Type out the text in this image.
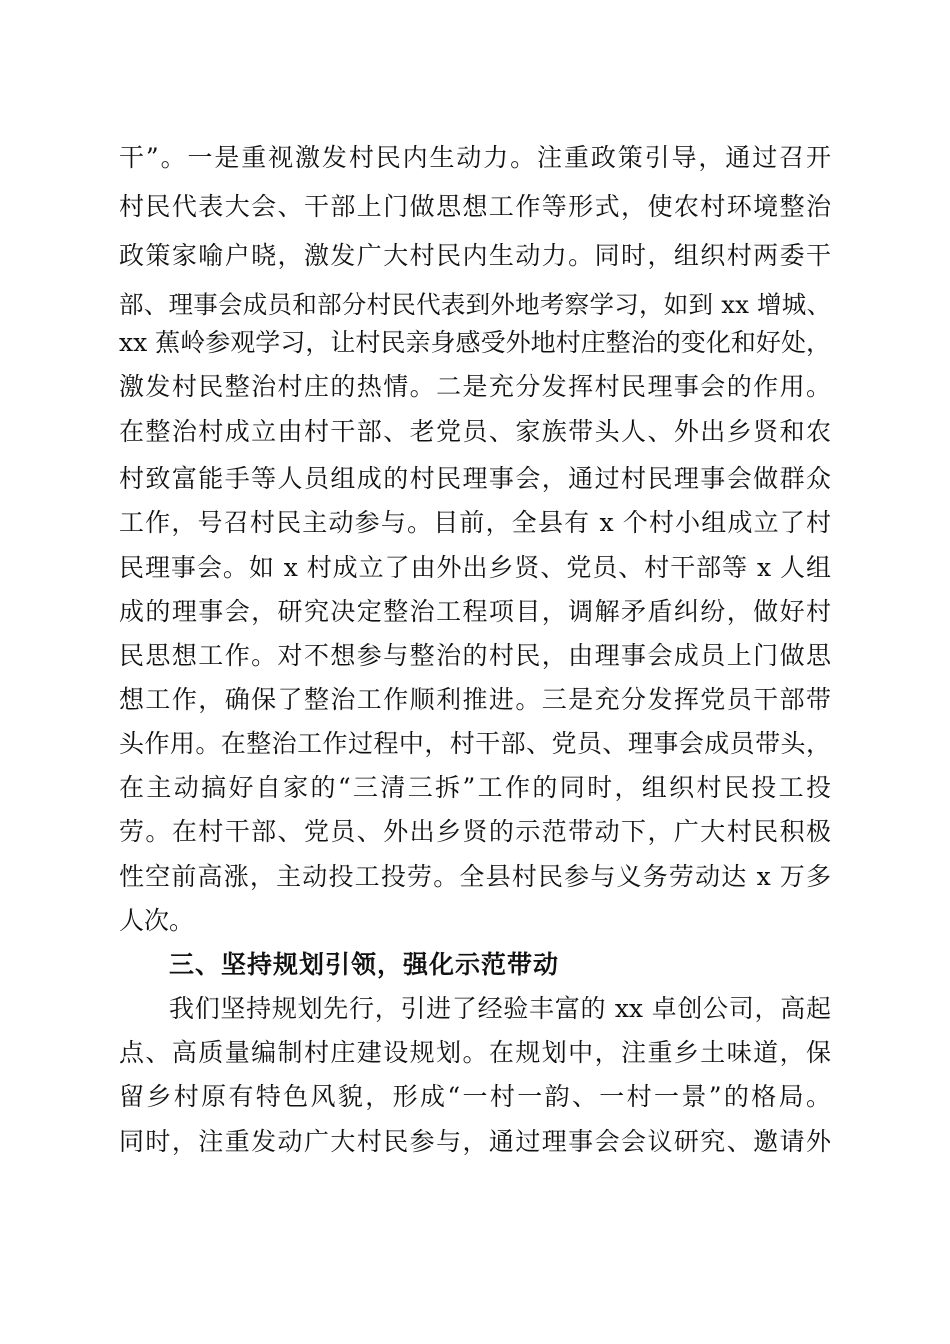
干”。一是重视激发村民内生动力。注重政策引导，通过召开
村民代表大会、干部上门做思想工作等形式，使农村环境整治
政策家喻户晓，激发广大村民内生动力。同时，组织村两委干
部、理事会成员和部分村民代表到外地考察学习，如到 xx 增城、
xx 蕉岭参观学习，让村民亲身感受外地村庄整治的变化和好处，
激发村民整治村庄的热情。二是充分发挥村民理事会的作用。
在整治村成立由村干部、老党员、家族带头人、外出乡贤和农
村致富能手等人员组成的村民理事会，通过村民理事会做群众
工作，号召村民主动参与。目前，全县有 x 个村小组成立了村
民理事会。如 x 村成立了由外出乡贤、党员、村干部等 x 人组
成的理事会，研究决定整治工程项目，调解矛盾纠纷，做好村
民思想工作。对不想参与整治的村民，由理事会成员上门做思
想工作，确保了整治工作顺利推进。三是充分发挥党员干部带
头作用。在整治工作过程中，村干部、党员、理事会成员带头，
在主动搞好自家的“三清三拆”工作的同时，组织村民投工投
劳。在村干部、党员、外出乡贤的示范带动下，广大村民积极
性空前高涨，主动投工投劳。全县村民参与义务劳动达 x 万多
人次。
三、坚持规划引领，强化示范带动
我们坚持规划先行，引进了经验丰富的 xx 卓创公司，高起
点、高质量编制村庄建设规划。在规划中，注重乡土味道，保
留乡村原有特色风貌，形成“一村一韵、一村一景”的格局。
同时，注重发动广大村民参与，通过理事会会议研究、邀请外
